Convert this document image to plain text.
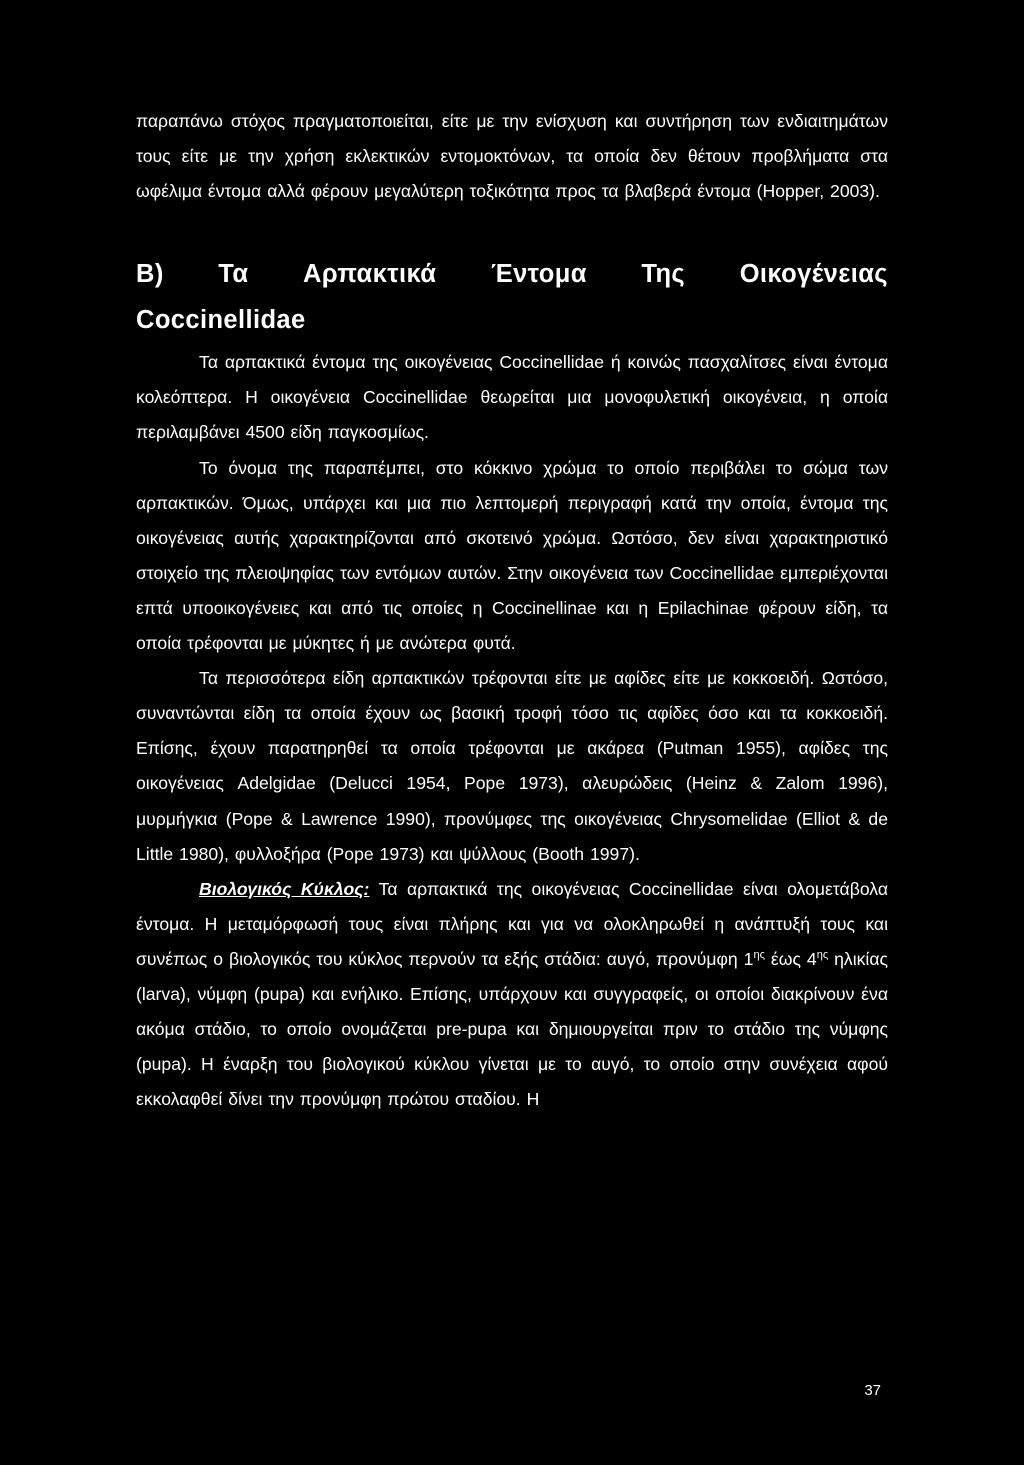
παραπάνω στόχος πραγματοποιείται, είτε με την ενίσχυση και συντήρηση των ενδιαιτημάτων τους είτε με την χρήση εκλεκτικών εντομοκτόνων, τα οποία δεν θέτουν προβλήματα στα ωφέλιμα έντομα αλλά φέρουν μεγαλύτερη τοξικότητα προς τα βλαβερά έντομα (Hopper, 2003).

B) Τα Αρπακτικά Έντομα Της Οικογένειας
Coccinellidae

Τα αρπακτικά έντομα της οικογένειας Coccinellidae ή κοινώς πασχαλίτσες είναι έντομα κολεόπτερα. Η οικογένεια Coccinellidae θεωρείται μια μονοφυλετική οικογένεια, η οποία περιλαμβάνει 4500 είδη παγκοσμίως.

Το όνομα της παραπέμπει, στο κόκκινο χρώμα το οποίο περιβάλει το σώμα των αρπακτικών. Όμως, υπάρχει και μια πιο λεπτομερή περιγραφή κατά την οποία, έντομα της οικογένειας αυτής χαρακτηρίζονται από σκοτεινό χρώμα. Ωστόσο, δεν είναι χαρακτηριστικό στοιχείο της πλειοψηφίας των εντόμων αυτών. Στην οικογένεια των Coccinellidae εμπεριέχονται επτά υποοικογένειες και από τις οποίες η Coccinellinae και η Epilachinae φέρουν είδη, τα οποία τρέφονται με μύκητες ή με ανώτερα φυτά.

Τα περισσότερα είδη αρπακτικών τρέφονται είτε με αφίδες είτε με κοκκοειδή. Ωστόσο, συναντώνται είδη τα οποία έχουν ως βασική τροφή τόσο τις αφίδες όσο και τα κοκκοειδή. Επίσης, έχουν παρατηρηθεί τα οποία τρέφονται με ακάρεα (Putman 1955), αφίδες της οικογένειας Adelgidae (Delucci 1954, Pope 1973), αλευρώδεις (Heinz & Zalom 1996), μυρμήγκια (Pope & Lawrence 1990), προνύμφες της οικογένειας Chrysomelidae (Elliot & de Little 1980), φυλλοξήρα (Pope 1973) και ψύλλους (Booth 1997).

Βιολογικός Κύκλος: Τα αρπακτικά της οικογένειας Coccinellidae είναι ολομετάβολα έντομα. Η μεταμόρφωσή τους είναι πλήρης και για να ολοκληρωθεί η ανάπτυξή τους και συνέπως ο βιολογικός του κύκλος περνούν τα εξής στάδια: αυγό, προνύμφη $1^{\eta\varsigma}$ έως $4^{\eta\varsigma}$ ηλικίας (larva), νύμφη (pupa) και ενήλικο. Επίσης, υπάρχουν και συγγραφείς, οι οποίοι διακρίνουν ένα ακόμα στάδιο, το οποίο ονομάζεται pre-pupa και δημιουργείται πριν το στάδιο της νύμφης (pupa). Η έναρξη του βιολογικού κύκλου γίνεται με το αυγό, το οποίο στην συνέχεια αφού εκκολαφθεί δίνει την προνύμφη πρώτου σταδίου. Η

37
